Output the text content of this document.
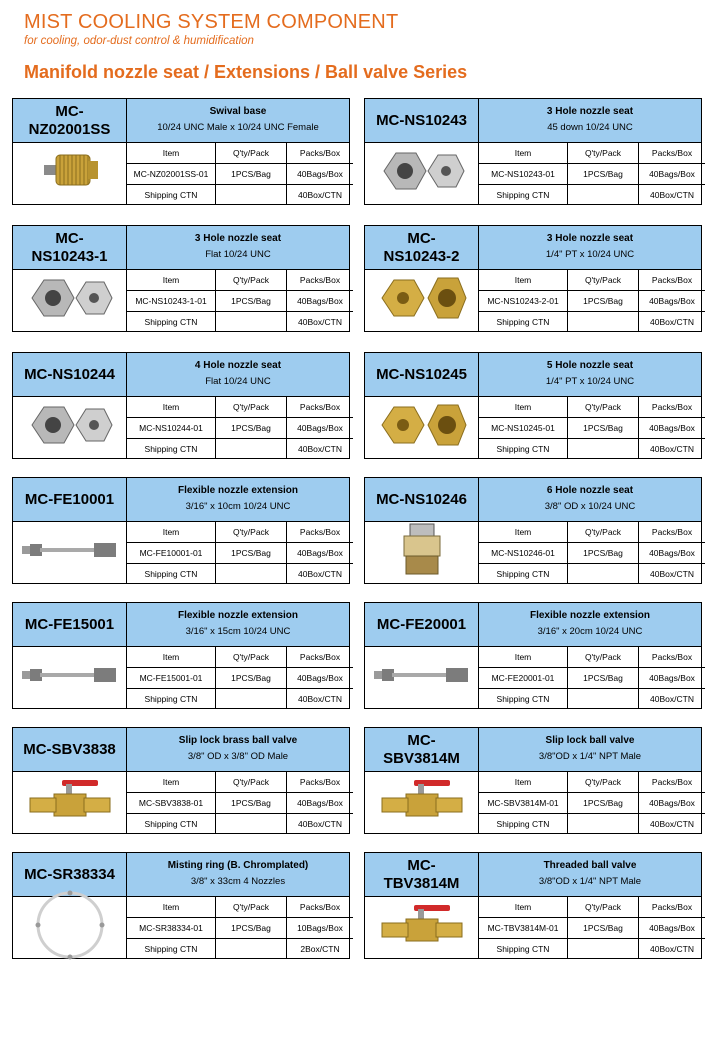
MIST COOLING SYSTEM COMPONENT
for cooling, odor-dust control & humidification
Manifold nozzle seat / Extensions / Ball valve Series
MC-
NZ02001SS
Swival base
10/24 UNC Male x 10/24 UNC Female
Item	Q'ty/Pack	Packs/Box
MC-NZ02001SS-01	1PCS/Bag	40Bags/Box
Shipping CTN		40Box/CTN
MC-NS10243	3 Hole nozzle seat
45 down 10/24 UNC
Item	Q'ty/Pack	Packs/Box
MC-NS10243-01	1PCS/Bag	40Bags/Box
Shipping CTN		40Box/CTN
MC-
NS10243-1
3 Hole nozzle seat
Flat 10/24 UNC
Item	Q'ty/Pack	Packs/Box
MC-NS10243-1-01	1PCS/Bag	40Bags/Box
Shipping CTN		40Box/CTN
MC-
NS10243-2
3 Hole nozzle seat
1/4" PT x 10/24 UNC
Item	Q'ty/Pack	Packs/Box
MC-NS10243-2-01	1PCS/Bag	40Bags/Box
Shipping CTN		40Box/CTN
MC-NS10244	4 Hole nozzle seat
Flat 10/24 UNC
Item	Q'ty/Pack	Packs/Box
MC-NS10244-01	1PCS/Bag	40Bags/Box
Shipping CTN		40Box/CTN
MC-NS10245	5 Hole nozzle seat
1/4" PT x 10/24 UNC
Item	Q'ty/Pack	Packs/Box
MC-NS10245-01	1PCS/Bag	40Bags/Box
Shipping CTN		40Box/CTN
MC-FE10001	Flexible nozzle extension
3/16" x 10cm 10/24 UNC
Item	Q'ty/Pack	Packs/Box
MC-FE10001-01	1PCS/Bag	40Bags/Box
Shipping CTN		40Box/CTN
MC-NS10246	6 Hole nozzle seat
3/8" OD x 10/24 UNC
Item	Q'ty/Pack	Packs/Box
MC-NS10246-01	1PCS/Bag	40Bags/Box
Shipping CTN		40Box/CTN
MC-FE15001	Flexible nozzle extension
3/16" x 15cm 10/24 UNC
Item	Q'ty/Pack	Packs/Box
MC-FE15001-01	1PCS/Bag	40Bags/Box
Shipping CTN		40Box/CTN
MC-FE20001	Flexible nozzle extension
3/16" x 20cm 10/24 UNC
Item	Q'ty/Pack	Packs/Box
MC-FE20001-01	1PCS/Bag	40Bags/Box
Shipping CTN		40Box/CTN
MC-SBV3838	Slip lock brass ball valve
3/8" OD x 3/8" OD Male
Item	Q'ty/Pack	Packs/Box
MC-SBV3838-01	1PCS/Bag	40Bags/Box
Shipping CTN		40Box/CTN
MC-
SBV3814M
Slip lock ball valve
3/8"OD x 1/4" NPT Male
Item	Q'ty/Pack	Packs/Box
MC-SBV3814M-01	1PCS/Bag	40Bags/Box
Shipping CTN		40Box/CTN
MC-SR38334	Misting ring (B. Chromplated)
3/8" x 33cm 4 Nozzles
Item	Q'ty/Pack	Packs/Box
MC-SR38334-01	1PCS/Bag	10Bags/Box
Shipping CTN		2Box/CTN
MC-
TBV3814M
Threaded ball valve
3/8"OD x 1/4" NPT Male
Item	Q'ty/Pack	Packs/Box
MC-TBV3814M-01	1PCS/Bag	40Bags/Box
Shipping CTN		40Box/CTN
